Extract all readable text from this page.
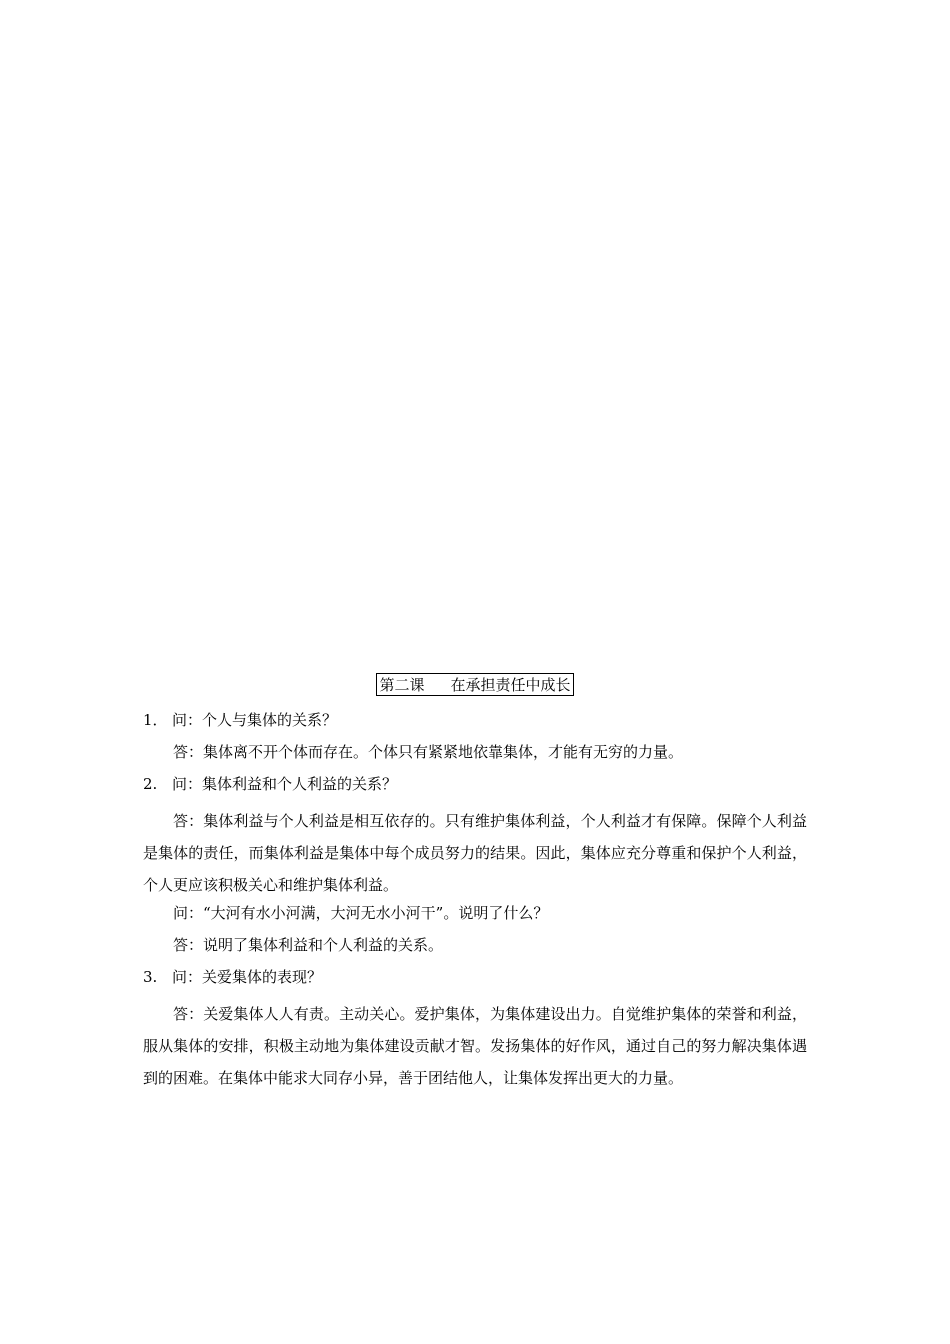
第二课 在承担责任中成长
1． 问：个人与集体的关系？
答：集体离不开个体而存在。个体只有紧紧地依靠集体，才能有无穷的力量。
2. 问：集体利益和个人利益的关系？

答：集体利益与个人利益是相互依存的。只有维护集体利益，个人利益才有保障。保障个人利益是集体的责任，而集体利益是集体中每个成员努力的结果。因此，集体应充分尊重和保护个人利益，个人更应该积极关心和维护集体利益。

问：“大河有水小河满，大河无水小河干”。说明了什么？
答：说明了集体利益和个人利益的关系。
3. 问：关爱集体的表现？

答：关爱集体人人有责。主动关心。爱护集体，为集体建设出力。自觉维护集体的荣誉和利益，服从集体的安排，积极主动地为集体建设贡献才智。发扬集体的好作风，通过自己的努力解决集体遇到的困难。在集体中能求大同存小异，善于团结他人，让集体发挥出更大的力量。
